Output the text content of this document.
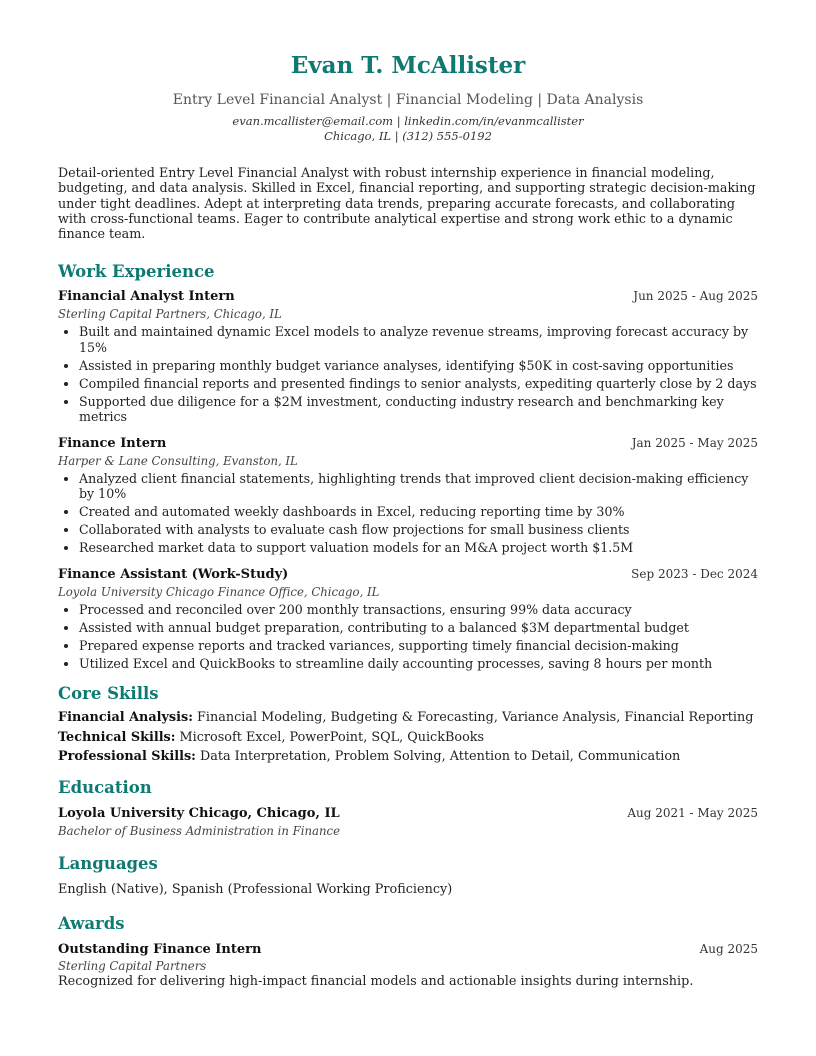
Evan T. McAllister
Entry Level Financial Analyst | Financial Modeling | Data Analysis
evan.mcallister@email.com | linkedin.com/in/evanmcallister
Chicago, IL | (312) 555-0192
Detail-oriented Entry Level Financial Analyst with robust internship experience in financial modeling, budgeting, and data analysis. Skilled in Excel, financial reporting, and supporting strategic decision-making under tight deadlines. Adept at interpreting data trends, preparing accurate forecasts, and collaborating with cross-functional teams. Eager to contribute analytical expertise and strong work ethic to a dynamic finance team.
Work Experience
Financial Analyst Intern	Jun 2025 - Aug 2025
Sterling Capital Partners, Chicago, IL
• Built and maintained dynamic Excel models to analyze revenue streams, improving forecast accuracy by 15%
• Assisted in preparing monthly budget variance analyses, identifying $50K in cost-saving opportunities
• Compiled financial reports and presented findings to senior analysts, expediting quarterly close by 2 days
• Supported due diligence for a $2M investment, conducting industry research and benchmarking key metrics
Finance Intern	Jan 2025 - May 2025
Harper & Lane Consulting, Evanston, IL
• Analyzed client financial statements, highlighting trends that improved client decision-making efficiency by 10%
• Created and automated weekly dashboards in Excel, reducing reporting time by 30%
• Collaborated with analysts to evaluate cash flow projections for small business clients
• Researched market data to support valuation models for an M&A project worth $1.5M
Finance Assistant (Work-Study)	Sep 2023 - Dec 2024
Loyola University Chicago Finance Office, Chicago, IL
• Processed and reconciled over 200 monthly transactions, ensuring 99% data accuracy
• Assisted with annual budget preparation, contributing to a balanced $3M departmental budget
• Prepared expense reports and tracked variances, supporting timely financial decision-making
• Utilized Excel and QuickBooks to streamline daily accounting processes, saving 8 hours per month
Core Skills
Financial Analysis: Financial Modeling, Budgeting & Forecasting, Variance Analysis, Financial Reporting
Technical Skills: Microsoft Excel, PowerPoint, SQL, QuickBooks
Professional Skills: Data Interpretation, Problem Solving, Attention to Detail, Communication
Education
Loyola University Chicago, Chicago, IL	Aug 2021 - May 2025
Bachelor of Business Administration in Finance
Languages
English (Native), Spanish (Professional Working Proficiency)
Awards
Outstanding Finance Intern	Aug 2025
Sterling Capital Partners
Recognized for delivering high-impact financial models and actionable insights during internship.
